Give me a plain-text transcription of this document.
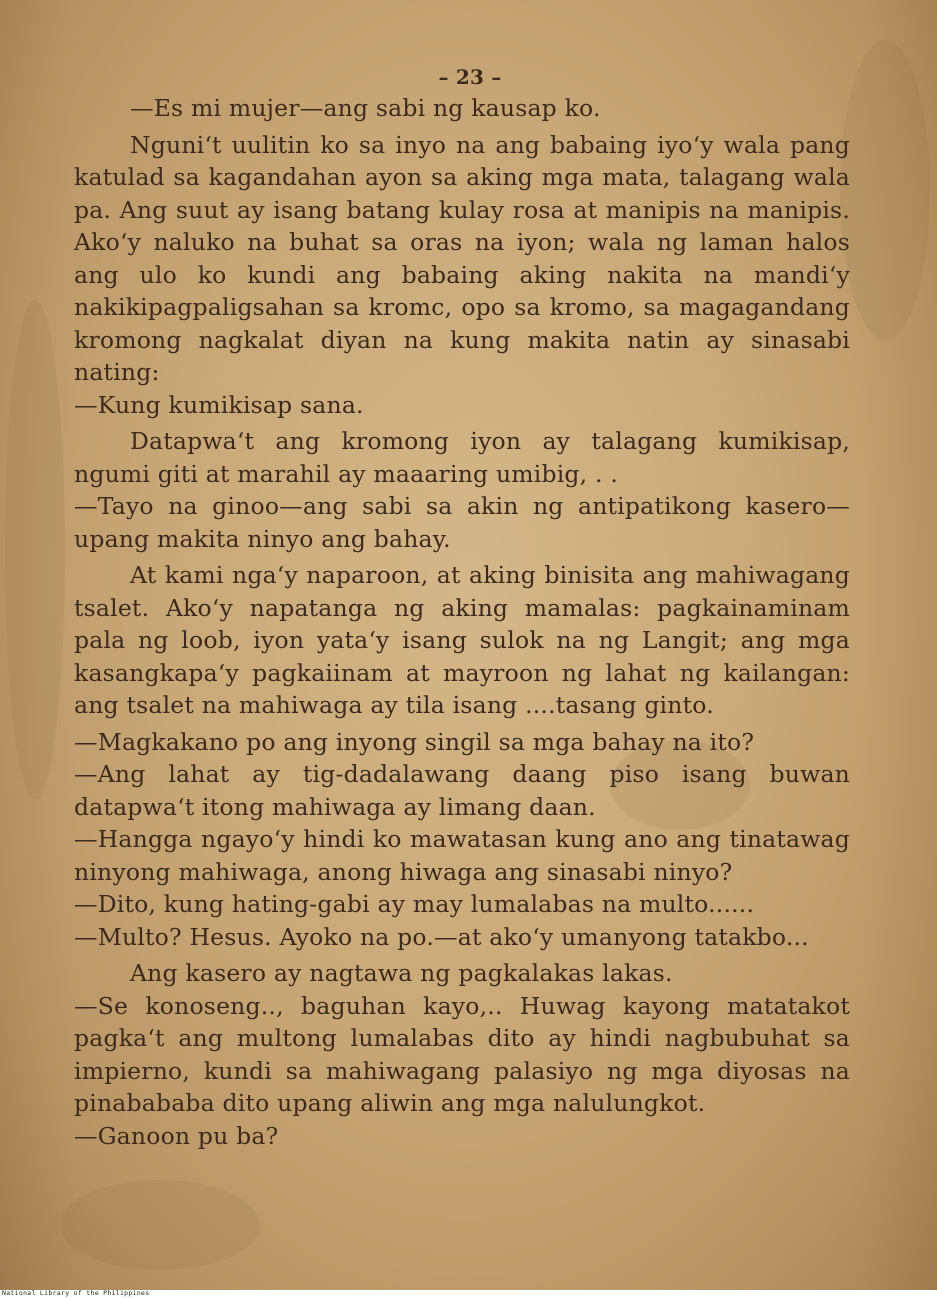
– 23 –

—Es mi mujer—ang sabi ng kausap ko.

Nguni‘t uulitin ko sa inyo na ang babaing iyo‘y wala pang katulad sa kagandahan ayon sa aking mga mata, talagang wala pa. Ang suut ay isang batang kulay rosa at manipis na manipis. Ako‘y naluko na buhat sa oras na iyon; wala ng laman halos ang ulo ko kundi ang babaing aking nakita na mandi‘y nakikipagpaligsahan sa kromc, opo sa kromo, sa magagandang kromong nagkalat diyan na kung makita natin ay sinasabi nating:

—Kung kumikisap sana.

Datapwa‘t ang kromong iyon ay talagang kumikisap, ngumi giti at marahil ay maaaring umibig, . .

—Tayo na ginoo—ang sabi sa akin ng antipatikong kasero—upang makita ninyo ang bahay.

At kami nga‘y naparoon, at aking binisita ang mahiwagang tsalet. Ako‘y napatanga ng aking mamalas: pagkainaminam pala ng loob, iyon yata‘y isang sulok na ng Langit; ang mga kasangkapa‘y pagkaiinam at mayroon ng lahat ng kailangan: ang tsalet na mahiwaga ay tila isang ....tasang ginto.

—Magkakano po ang inyong singil sa mga bahay na ito?

—Ang lahat ay tig-dadalawang daang piso isang buwan datapwa‘t itong mahiwaga ay limang daan.

—Hangga ngayo‘y hindi ko mawatasan kung ano ang tinatawag ninyong mahiwaga, anong hiwaga ang sinasabi ninyo?

—Dito, kung hating-gabi ay may lumalabas na multo......

—Multo? Hesus. Ayoko na po.—at ako‘y umanyong tatakbo...

Ang kasero ay nagtawa ng pagkalakas lakas.

—Se konoseng.., baguhan kayo,.. Huwag kayong matatakot pagka‘t ang multong lumalabas dito ay hindi nagbubuhat sa impierno, kundi sa mahiwagang palasiyo ng mga diyosas na pinabababa dito upang aliwin ang mga nalulungkot.

—Ganoon pu ba?

National Library of the Philippines
